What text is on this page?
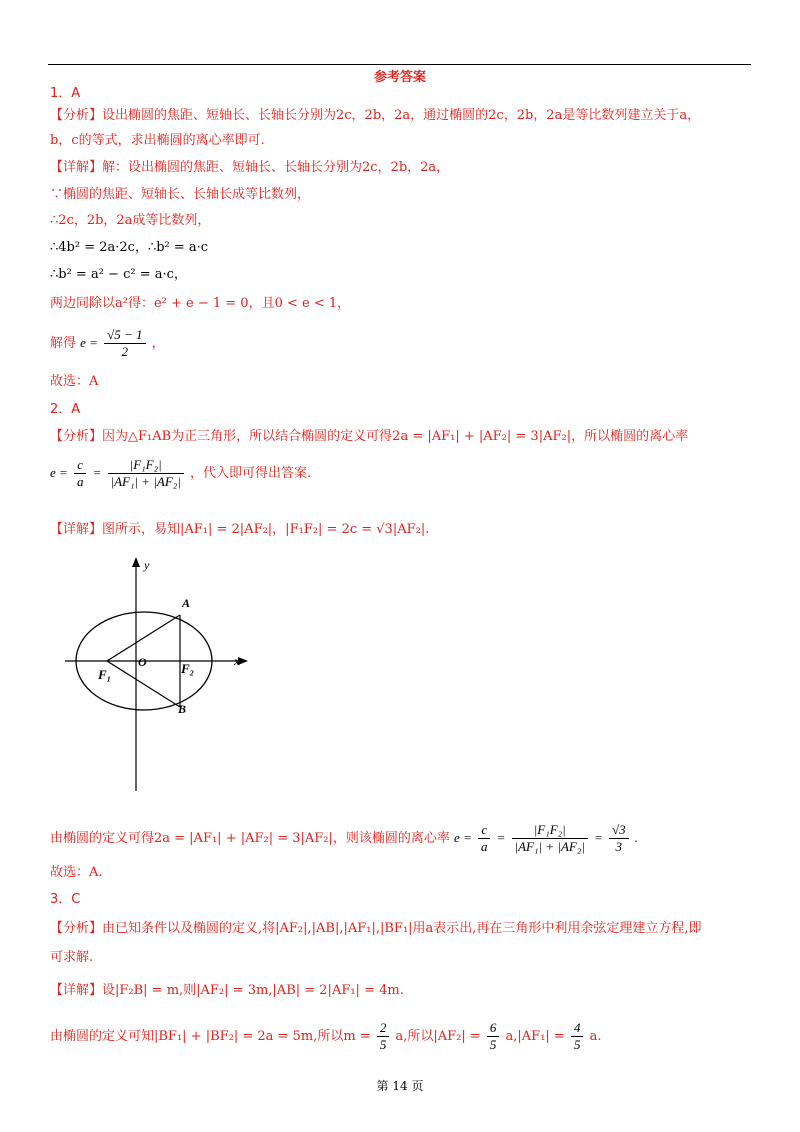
参考答案
1．A
【分析】设出椭圆的焦距、短轴长、长轴长分别为2c，2b，2a，通过椭圆的2c，2b，2a是等比数列建立关于a，
b，c的等式，求出椭圆的离心率即可.
【详解】解：设出椭圆的焦距、短轴长、长轴长分别为2c，2b，2a，
∵椭圆的焦距、短轴长、长轴长成等比数列，
∴2c，2b，2a成等比数列，
∴4b² = 2a·2c，∴b² = a·c
∴b² = a² − c² = a·c，
两边同除以a²得：e² + e − 1 = 0，且0 < e < 1，
解得 $e = \frac{√5 - 1}{2}$ ，
故选：A
2．A
【分析】因为△F₁AB为正三角形，所以结合椭圆的定义可得2a = |AF₁| + |AF₂| = 3|AF₂|，所以椭圆的离心率
$e = \frac{c}{a} = \frac{\text{|F₁F₂|}}{\text{|AF₁| + |AF₂|}}$ ，代入即可得出答案.
【详解】图所示，易知|AF₁| = 2|AF₂|，|F₁F₂| = 2c = √3|AF₂|.
y
x
A
B
O
F₁	F₂
由椭圆的定义可得2a = |AF₁| + |AF₂| = 3|AF₂|，则该椭圆的离心率 $e = \frac{c}{a} = \frac{\text{|F₁F₂|}}{\text{|AF₁| + |AF₂|}} = \frac{√3}{3}$ .
故选：A.
3．C
【分析】由已知条件以及椭圆的定义,将|AF₂|,|AB|,|AF₁|,|BF₁|用a表示出,再在三角形中利用余弦定理建立方程,即
可求解.
【详解】设|F₂B| = m,则|AF₂| = 3m,|AB| = 2|AF₁| = 4m.
由椭圆的定义可知|BF₁| + |BF₂| = 2a = 5m,所以$m = \frac{2}{5} a$,所以$|AF_2| = \frac{6}{5} a,|AF_1| = \frac{4}{5} a$.
第 14 页
